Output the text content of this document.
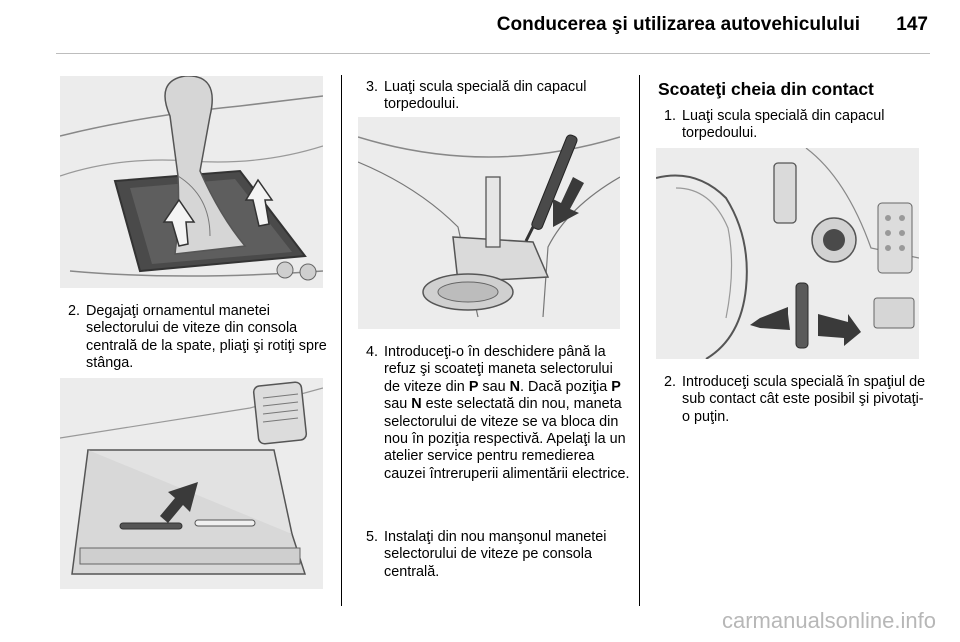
Conducerea şi utilizarea autovehiculului	147
2. Degajaţi ornamentul manetei selectorului de viteze din consola centrală de la spate, pliaţi şi rotiţi spre stânga.
3. Luaţi scula specială din capacul torpedoului.
4. Introduceţi-o în deschidere până la refuz şi scoateţi maneta selectorului de viteze din P sau N. Dacă poziţia P sau N este selectată din nou, maneta selectorului de viteze se va bloca din nou în poziţia respectivă. Apelaţi la un atelier service pentru remedierea cauzei întreruperii alimentării electrice.
5. Instalaţi din nou manşonul manetei selectorului de viteze pe consola centrală.
Scoateţi cheia din contact
1. Luaţi scula specială din capacul torpedoului.
2. Introduceţi scula specială în spaţiul de sub contact cât este posibil şi pivotaţi-o puţin.
carmanualsonline.info
